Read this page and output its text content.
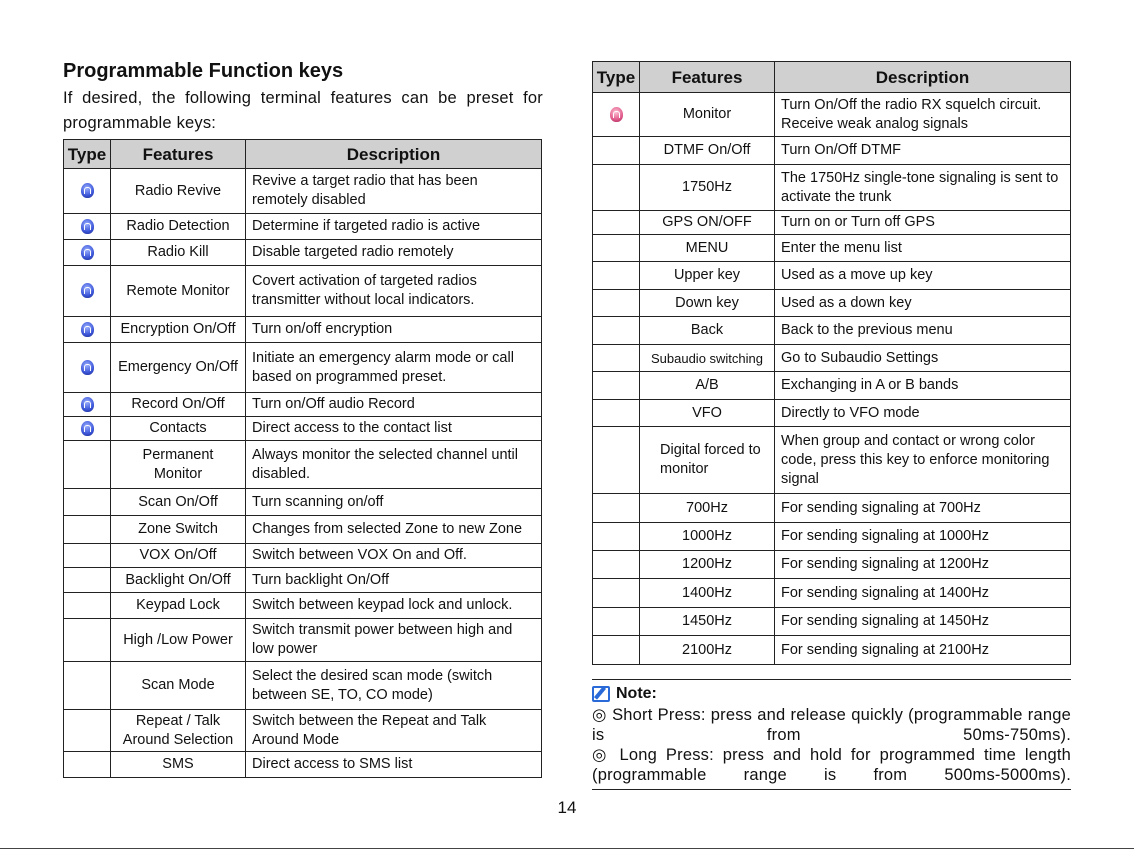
Programmable Function keys
If desired, the following terminal features can be preset for programmable keys:
Type	Features	Description
	Radio Revive	Revive a target radio that has been remotely disabled
	Radio Detection	Determine if targeted radio is active
	Radio Kill	Disable targeted radio remotely
	Remote Monitor	Covert activation of targeted radios transmitter without local indicators.
	Encryption On/Off	Turn on/off encryption
	Emergency On/Off	Initiate an emergency alarm mode or call based on programmed preset.
	Record On/Off	Turn on/Off audio Record
	Contacts	Direct access to the contact list
	Permanent Monitor	Always monitor the selected channel until disabled.
	Scan On/Off	Turn scanning on/off
	Zone Switch	Changes from selected Zone to new Zone
	VOX On/Off	Switch between VOX On and Off.
	Backlight On/Off	Turn backlight On/Off
	Keypad Lock	Switch between keypad lock and unlock.
	High /Low Power	Switch transmit power between high and low power
	Scan Mode	Select the desired scan mode (switch between SE, TO, CO mode)
	Repeat / Talk Around Selection	Switch between the Repeat and Talk Around Mode
	SMS	Direct access to SMS list
Type	Features	Description
	Monitor	Turn On/Off the radio RX squelch circuit. Receive weak analog signals
	DTMF On/Off	Turn On/Off DTMF
	1750Hz	The 1750Hz single-tone signaling is sent to activate the trunk
	GPS ON/OFF	Turn on or Turn off GPS
	MENU	Enter the menu list
	Upper key	Used as a move up key
	Down key	Used as a down key
	Back	Back to the previous menu
	Subaudio switching	Go to Subaudio Settings
	A/B	Exchanging in A or B bands
	VFO	Directly to VFO mode
	Digital forced to monitor	When group and contact or wrong color code, press this key to enforce monitoring signal
	700Hz	For sending signaling at 700Hz
	1000Hz	For sending signaling at 1000Hz
	1200Hz	For sending signaling at 1200Hz
	1400Hz	For sending signaling at 1400Hz
	1450Hz	For sending signaling at 1450Hz
	2100Hz	For sending signaling at 2100Hz
Note:
◎ Short Press: press and release quickly (programmable range is from 50ms-750ms).
◎ Long Press: press and hold for programmed time length (programmable range is from 500ms-5000ms).
14
